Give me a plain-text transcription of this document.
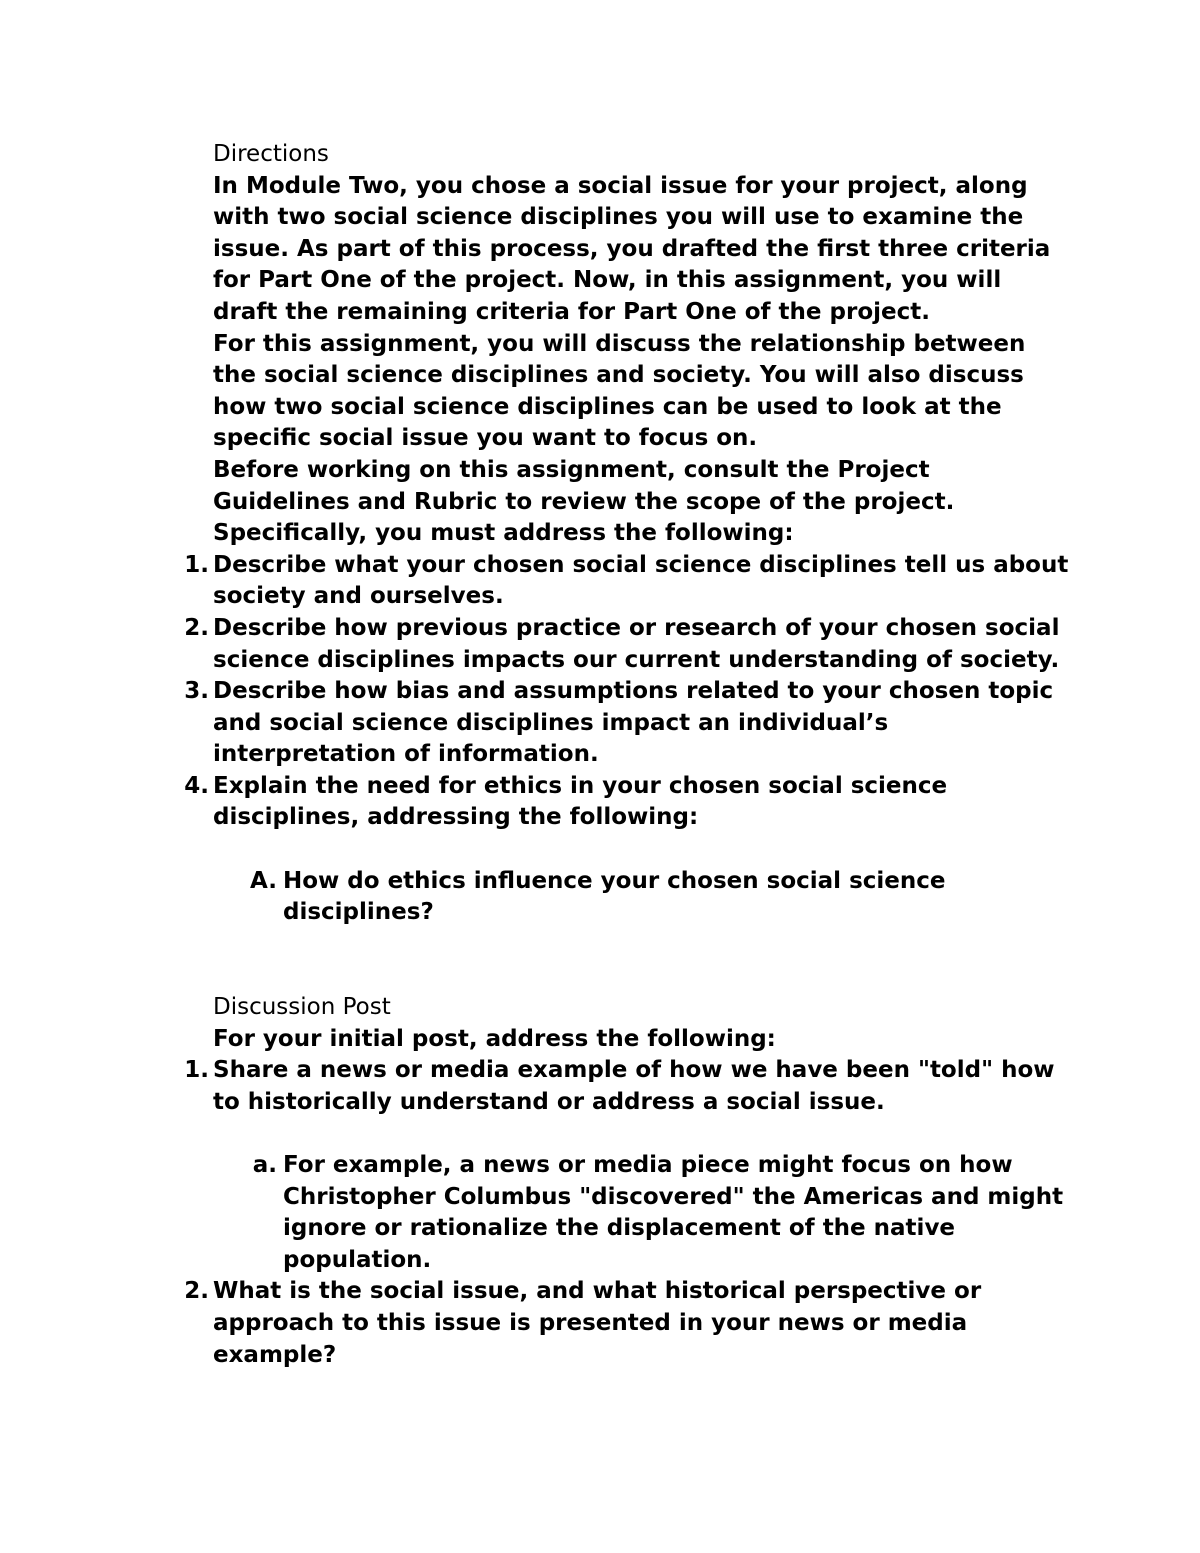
Directions

In Module Two, you chose a social issue for your project, along with two social science disciplines you will use to examine the issue. As part of this process, you drafted the first three criteria for Part One of the project. Now, in this assignment, you will draft the remaining criteria for Part One of the project.

For this assignment, you will discuss the relationship between the social science disciplines and society. You will also discuss how two social science disciplines can be used to look at the specific social issue you want to focus on.

Before working on this assignment, consult the Project Guidelines and Rubric to review the scope of the project.

Specifically, you must address the following:

1. Describe what your chosen social science disciplines tell us about society and ourselves.
2. Describe how previous practice or research of your chosen social science disciplines impacts our current understanding of society.
3. Describe how bias and assumptions related to your chosen topic and social science disciplines impact an individual’s interpretation of information.
4. Explain the need for ethics in your chosen social science disciplines, addressing the following:
A. How do ethics influence your chosen social science disciplines?

Discussion Post

For your initial post, address the following:

1. Share a news or media example of how we have been "told" how to historically understand or address a social issue.
a. For example, a news or media piece might focus on how Christopher Columbus "discovered" the Americas and might ignore or rationalize the displacement of the native population.
2. What is the social issue, and what historical perspective or approach to this issue is presented in your news or media example?
